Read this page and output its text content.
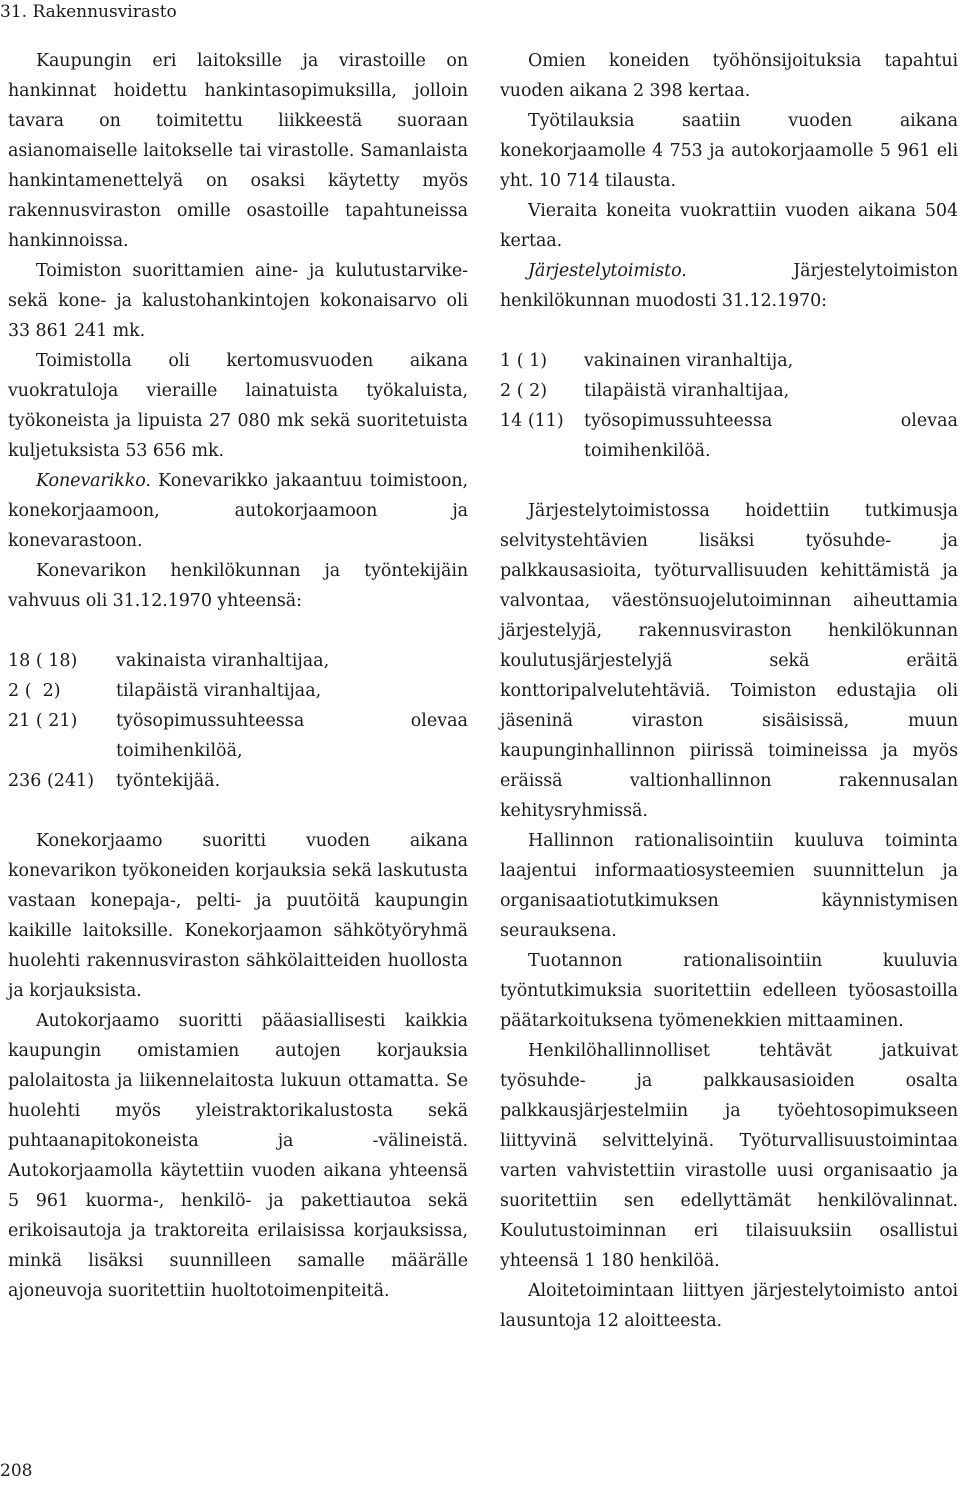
31. Rakennusvirasto

Kaupungin eri laitoksille ja virastoille on hankinnat hoidettu hankintasopimuksilla, jolloin tavara on toimitettu liikkeestä suoraan asianomaiselle laitokselle tai virastolle. Samanlaista hankintamenettelyä on osaksi käytetty myös rakennusviraston omille osastoille tapahtuneissa hankinnoissa.

Toimiston suorittamien aine- ja kulutustarvike- sekä kone- ja kalustohankintojen kokonaisarvo oli 33 861 241 mk.

Toimistolla oli kertomusvuoden aikana vuokratuloja vieraille lainatuista työkaluista, työkoneista ja lipuista 27 080 mk sekä suoritetuista kuljetuksista 53 656 mk.

Konevarikko. Konevarikko jakaantuu toimistoon, konekorjaamoon, autokorjaamoon ja konevarastoon.

Konevarikon henkilökunnan ja työntekijäin vahvuus oli 31.12.1970 yhteensä:

18 ( 18)	vakinaista viranhaltijaa,
2 (  2)	tilapäistä viranhaltijaa,
21 ( 21)	työsopimussuhteessa olevaa toimihenkilöä,
236 (241)	työntekijää.

Konekorjaamo suoritti vuoden aikana konevarikon työkoneiden korjauksia sekä laskutusta vastaan konepaja-, pelti- ja puutöitä kaupungin kaikille laitoksille. Konekorjaamon sähkötyöryhmä huolehti rakennusviraston sähkölaitteiden huollosta ja korjauksista.

Autokorjaamo suoritti pääasiallisesti kaikkia kaupungin omistamien autojen korjauksia palolaitosta ja liikennelaitosta lukuun ottamatta. Se huolehti myös yleistraktorikalustosta sekä puhtaanapitokoneista ja -välineistä. Autokorjaamolla käytettiin vuoden aikana yhteensä 5 961 kuorma-, henkilö- ja pakettiautoa sekä erikoisautoja ja traktoreita erilaisissa korjauksissa, minkä lisäksi suunnilleen samalle määrälle ajoneuvoja suoritettiin huoltotoimenpiteitä.

Omien koneiden työhönsijoituksia tapahtui vuoden aikana 2 398 kertaa.

Työtilauksia saatiin vuoden aikana konekorjaamolle 4 753 ja autokorjaamolle 5 961 eli yht. 10 714 tilausta.

Vieraita koneita vuokrattiin vuoden aikana 504 kertaa.

Järjestelytoimisto. Järjestelytoimiston henkilökunnan muodosti 31.12.1970:

1 ( 1)	vakinainen viranhaltija,
2 ( 2)	tilapäistä viranhaltijaa,
14 (11)	työsopimussuhteessa olevaa toimihenkilöä.

Järjestelytoimistossa hoidettiin tutkimusja selvitystehtävien lisäksi työsuhde- ja palkkausasioita, työturvallisuuden kehittämistä ja valvontaa, väestönsuojelutoiminnan aiheuttamia järjestelyjä, rakennusviraston henkilökunnan koulutusjärjestelyjä sekä eräitä konttoripalvelutehtäviä. Toimiston edustajia oli jäseninä viraston sisäisissä, muun kaupunginhallinnon piirissä toimineissa ja myös eräissä valtionhallinnon rakennusalan kehitysryhmissä.

Hallinnon rationalisointiin kuuluva toiminta laajentui informaatiosysteemien suunnittelun ja organisaatiotutkimuksen käynnistymisen seurauksena.

Tuotannon rationalisointiin kuuluvia työntutkimuksia suoritettiin edelleen työosastoilla päätarkoituksena työmenekkien mittaaminen.

Henkilöhallinnolliset tehtävät jatkuivat työsuhde- ja palkkausasioiden osalta palkkausjärjestelmiin ja työehtosopimukseen liittyvinä selvittelyinä. Työturvallisuustoimintaa varten vahvistettiin virastolle uusi organisaatio ja suoritettiin sen edellyttämät henkilövalinnat. Koulutustoiminnan eri tilaisuuksiin osallistui yhteensä 1 180 henkilöä.

Aloitetoimintaan liittyen järjestelytoimisto antoi lausuntoja 12 aloitteesta.

208
